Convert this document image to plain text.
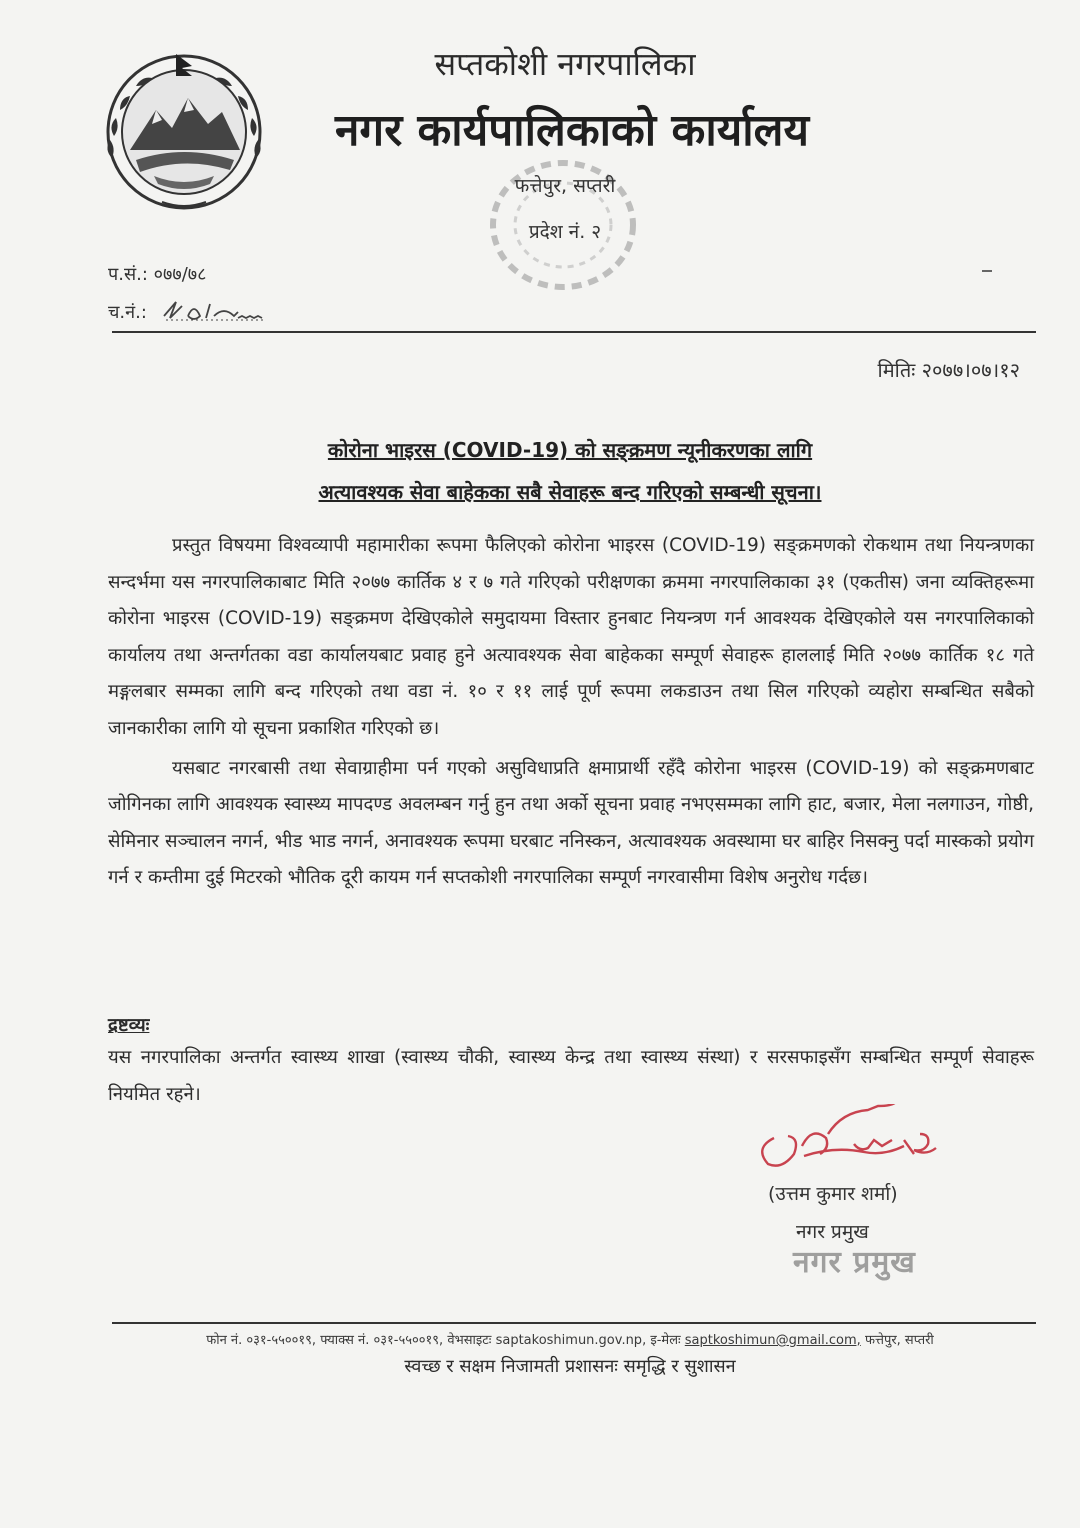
सप्तकोशी नगरपालिका
नगर कार्यपालिकाको कार्यालय
फत्तेपुर, सप्तरी
प्रदेश नं. २
प.सं.: ०७७/७८
च.नं.:
मितिः २०७७।०७।१२
कोरोना भाइरस (COVID-19) को सङ्क्रमण न्यूनीकरणका लागि
अत्यावश्यक सेवा बाहेकका सबै सेवाहरू बन्द गरिएको सम्बन्धी सूचना।

प्रस्तुत विषयमा विश्वव्यापी महामारीका रूपमा फैलिएको कोरोना भाइरस (COVID-19) सङ्क्रमणको रोकथाम तथा नियन्त्रणका सन्दर्भमा यस नगरपालिकाबाट मिति २०७७ कार्तिक ४ र ७ गते गरिएको परीक्षणका क्रममा नगरपालिकाका ३१ (एकतीस) जना व्यक्तिहरूमा कोरोना भाइरस (COVID-19) सङ्क्रमण देखिएकोले समुदायमा विस्तार हुनबाट नियन्त्रण गर्न आवश्यक देखिएकोले यस नगरपालिकाको कार्यालय तथा अन्तर्गतका वडा कार्यालयबाट प्रवाह हुने अत्यावश्यक सेवा बाहेकका सम्पूर्ण सेवाहरू हाललाई मिति २०७७ कार्तिक १८ गते मङ्गलबार सम्मका लागि बन्द गरिएको तथा वडा नं. १० र ११ लाई पूर्ण रूपमा लकडाउन तथा सिल गरिएको व्यहोरा सम्बन्धित सबैको जानकारीका लागि यो सूचना प्रकाशित गरिएको छ।

यसबाट नगरबासी तथा सेवाग्राहीमा पर्न गएको असुविधाप्रति क्षमाप्रार्थी रहँदै कोरोना भाइरस (COVID-19) को सङ्क्रमणबाट जोगिनका लागि आवश्यक स्वास्थ्य मापदण्ड अवलम्बन गर्नु हुन तथा अर्को सूचना प्रवाह नभएसम्मका लागि हाट, बजार, मेला नलगाउन, गोष्ठी, सेमिनार सञ्चालन नगर्न, भीड भाड नगर्न, अनावश्यक रूपमा घरबाट ननिस्कन, अत्यावश्यक अवस्थामा घर बाहिर निसक्नु पर्दा मास्कको प्रयोग गर्न र कम्तीमा दुई मिटरको भौतिक दूरी कायम गर्न सप्तकोशी नगरपालिका सम्पूर्ण नगरवासीमा विशेष अनुरोध गर्दछ।

द्रष्टव्यः
यस नगरपालिका अन्तर्गत स्वास्थ्य शाखा (स्वास्थ्य चौकी, स्वास्थ्य केन्द्र तथा स्वास्थ्य संस्था) र सरसफाइसँग सम्बन्धित सम्पूर्ण सेवाहरू नियमित रहने।
(उत्तम कुमार शर्मा)
नगर प्रमुख
नगर प्रमुख
फोन नं. ०३१-५५००१९, फ्याक्स नं. ०३१-५५००१९, वेभसाइटः saptakoshimun.gov.np, इ-मेलः saptkoshimun@gmail.com, फत्तेपुर, सप्तरी
स्वच्छ र सक्षम निजामती प्रशासनः समृद्धि र सुशासन
